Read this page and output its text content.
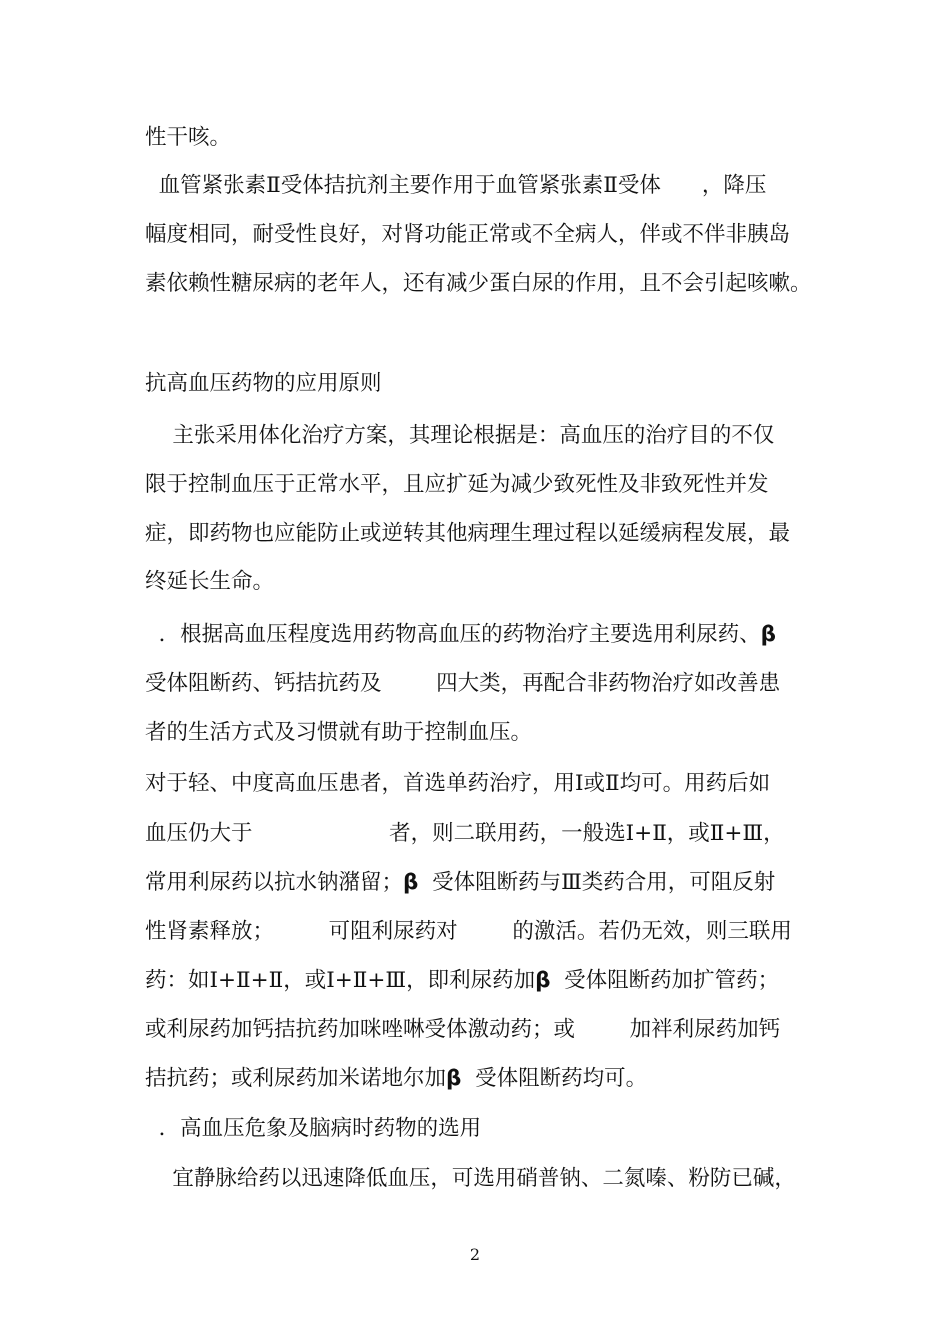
性干咳。

血管紧张素Ⅱ受体拮抗剂主要作用于血管紧张素Ⅱ受体      ，降压

幅度相同，耐受性良好，对肾功能正常或不全病人，伴或不伴非胰岛

素依赖性糖尿病的老年人，还有减少蛋白尿的作用，且不会引起咳嗽。

抗高血压药物的应用原则

主张采用体化治疗方案，其理论根据是：高血压的治疗目的不仅

限于控制血压于正常水平，且应扩延为减少致死性及非致死性并发

症，即药物也应能防止或逆转其他病理生理过程以延缓病程发展，最

终延长生命。

．根据高血压程度选用药物高血压的药物治疗主要选用利尿药、β

受体阻断药、钙拮抗药及        四大类，再配合非药物治疗如改善患

者的生活方式及习惯就有助于控制血压。

对于轻、中度高血压患者，首选单药治疗，用Ⅰ或Ⅱ均可。用药后如

血压仍大于                    者，则二联用药，一般选Ⅰ+Ⅱ，或Ⅱ+Ⅲ，

常用利尿药以抗水钠潴留；β  受体阻断药与Ⅲ类药合用，可阻反射

性肾素释放；        可阻利尿药对        的激活。若仍无效，则三联用

药：如Ⅰ+Ⅱ+Ⅱ，或Ⅰ+Ⅱ+Ⅲ，即利尿药加β  受体阻断药加扩管药；

或利尿药加钙拮抗药加咪唑啉受体激动药；或        加袢利尿药加钙

拮抗药；或利尿药加米诺地尔加β  受体阻断药均可。

．高血压危象及脑病时药物的选用

宜静脉给药以迅速降低血压，可选用硝普钠、二氮嗪、粉防已碱，

2
